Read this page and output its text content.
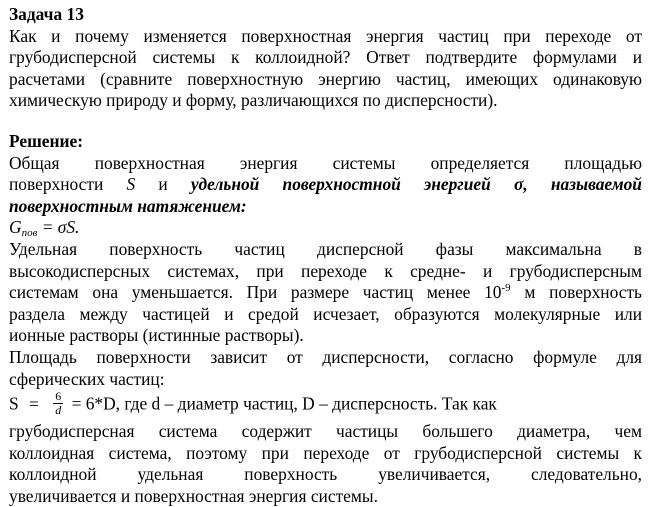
Задача 13
Как и почему изменяется поверхностная энергия частиц при переходе от
грубодисперсной системы к коллоидной? Ответ подтвердите формулами и
расчетами (сравните поверхностную энергию частиц, имеющих одинаковую
химическую природу и форму, различающихся по дисперсности).
Решение:
Общая поверхностная энергия системы определяется площадью
поверхности S и удельной поверхностной энергией σ, называемой
поверхностным натяжением:
$G_{пов} = \sigma S$.
Удельная поверхность частиц дисперсной фазы максимальна в
высокодисперсных системах, при переходе к средне- и грубодисперсным
системам она уменьшается. При размере частиц менее $10^{-9}$ м поверхность
раздела между частицей и средой исчезает, образуются молекулярные или
ионные растворы (истинные растворы).
Площадь поверхности зависит от дисперсности, согласно формуле для
сферических частиц:
$S = \frac{6}{d} = 6*D$, где d – диаметр частиц, D – дисперсность. Так как
грубодисперсная система содержит частицы большего диаметра, чем
коллоидная система, поэтому при переходе от грубодисперсной системы к
коллоидной удельная поверхность увеличивается, следовательно,
увеличивается и поверхностная энергия системы.
